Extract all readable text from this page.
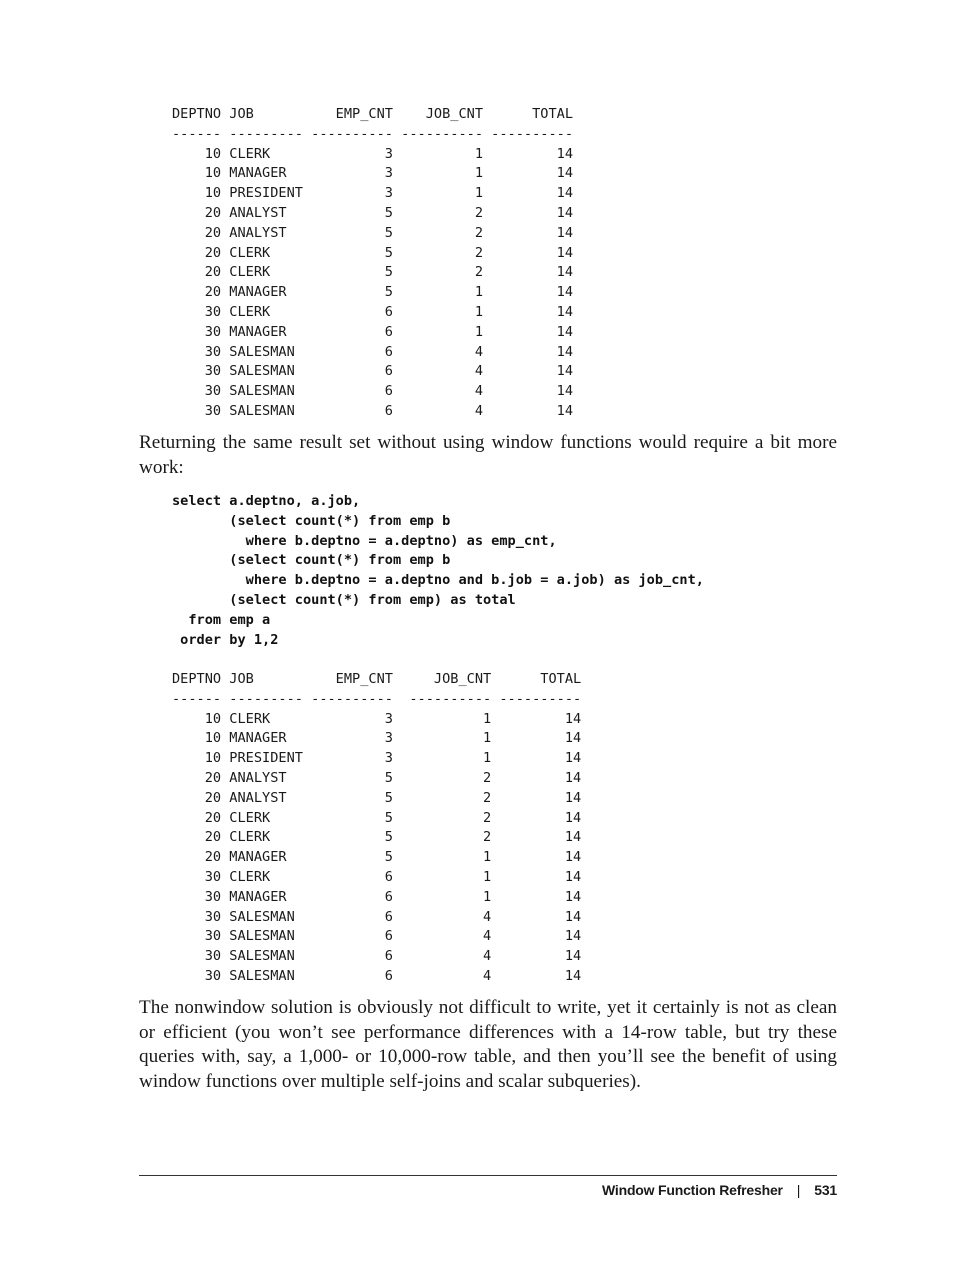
DEPTNO JOB          EMP_CNT    JOB_CNT      TOTAL
------ --------- ---------- ---------- ----------
10 CLERK              3          1         14
10 MANAGER            3          1         14
10 PRESIDENT          3          1         14
20 ANALYST            5          2         14
20 ANALYST            5          2         14
20 CLERK              5          2         14
20 CLERK              5          2         14
20 MANAGER            5          1         14
30 CLERK              6          1         14
30 MANAGER            6          1         14
30 SALESMAN           6          4         14
30 SALESMAN           6          4         14
30 SALESMAN           6          4         14
30 SALESMAN           6          4         14

Returning the same result set without using window functions would require a bit more work:

select a.deptno, a.job,
(select count(*) from emp b
where b.deptno = a.deptno) as emp_cnt,
(select count(*) from emp b
where b.deptno = a.deptno and b.job = a.job) as job_cnt,
(select count(*) from emp) as total
from emp a
order by 1,2
DEPTNO JOB          EMP_CNT     JOB_CNT      TOTAL
------ --------- ----------  ---------- ----------
10 CLERK              3           1         14
10 MANAGER            3           1         14
10 PRESIDENT          3           1         14
20 ANALYST            5           2         14
20 ANALYST            5           2         14
20 CLERK              5           2         14
20 CLERK              5           2         14
20 MANAGER            5           1         14
30 CLERK              6           1         14
30 MANAGER            6           1         14
30 SALESMAN           6           4         14
30 SALESMAN           6           4         14
30 SALESMAN           6           4         14
30 SALESMAN           6           4         14

The nonwindow solution is obviously not difficult to write, yet it certainly is not as clean or efficient (you won’t see performance differences with a 14-row table, but try these queries with, say, a 1,000- or 10,000-row table, and then you’ll see the benefit of using window functions over multiple self-joins and scalar subqueries).

Window Function Refresher | 531
